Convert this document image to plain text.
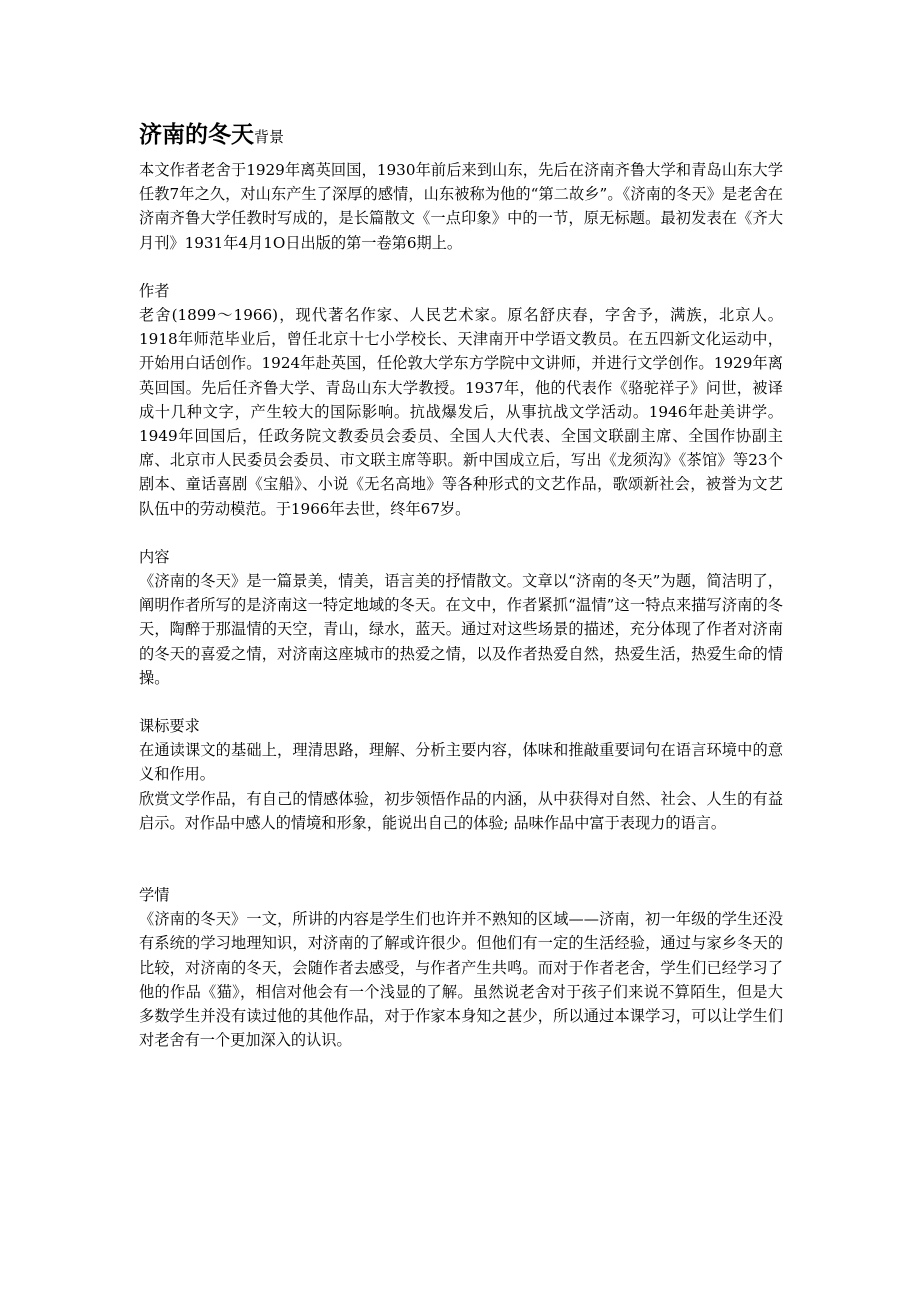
济南的冬天背景

本文作者老舍于1929年离英回国，1930年前后来到山东，先后在济南齐鲁大学和青岛山东大学任教7年之久，对山东产生了深厚的感情，山东被称为他的“第二故乡”。《济南的冬天》是老舍在济南齐鲁大学任教时写成的，是长篇散文《一点印象》中的一节，原无标题。最初发表在《齐大月刊》1931年4月1O日出版的第一卷第6期上。

作者

老舍(1899～1966)，现代著名作家、人民艺术家。原名舒庆春，字舍予，满族，北京人。1918年师范毕业后，曾任北京十七小学校长、天津南开中学语文教员。在五四新文化运动中，开始用白话创作。1924年赴英国，任伦敦大学东方学院中文讲师，并进行文学创作。1929年离英回国。先后任齐鲁大学、青岛山东大学教授。1937年，他的代表作《骆驼祥子》问世，被译成十几种文字，产生较大的国际影响。抗战爆发后，从事抗战文学活动。1946年赴美讲学。1949年回国后，任政务院文教委员会委员、全国人大代表、全国文联副主席、全国作协副主席、北京市人民委员会委员、市文联主席等职。新中国成立后，写出《龙须沟》《茶馆》等23个剧本、童话喜剧《宝船》、小说《无名高地》等各种形式的文艺作品，歌颂新社会，被誉为文艺队伍中的劳动模范。于1966年去世，终年67岁。

内容

《济南的冬天》是一篇景美，情美，语言美的抒情散文。文章以“济南的冬天”为题，简洁明了，阐明作者所写的是济南这一特定地域的冬天。在文中，作者紧抓“温情”这一特点来描写济南的冬天，陶醉于那温情的天空，青山，绿水，蓝天。通过对这些场景的描述，充分体现了作者对济南的冬天的喜爱之情，对济南这座城市的热爱之情，以及作者热爱自然，热爱生活，热爱生命的情操。

课标要求

在通读课文的基础上，理清思路，理解、分析主要内容，体味和推敲重要词句在语言环境中的意义和作用。

欣赏文学作品，有自己的情感体验，初步领悟作品的内涵，从中获得对自然、社会、人生的有益启示。对作品中感人的情境和形象，能说出自己的体验; 品味作品中富于表现力的语言。

学情

《济南的冬天》一文，所讲的内容是学生们也许并不熟知的区域——济南，初一年级的学生还没有系统的学习地理知识，对济南的了解或许很少。但他们有一定的生活经验，通过与家乡冬天的比较，对济南的冬天，会随作者去感受，与作者产生共鸣。而对于作者老舍，学生们已经学习了他的作品《猫》，相信对他会有一个浅显的了解。虽然说老舍对于孩子们来说不算陌生，但是大多数学生并没有读过他的其他作品，对于作家本身知之甚少，所以通过本课学习，可以让学生们对老舍有一个更加深入的认识。
